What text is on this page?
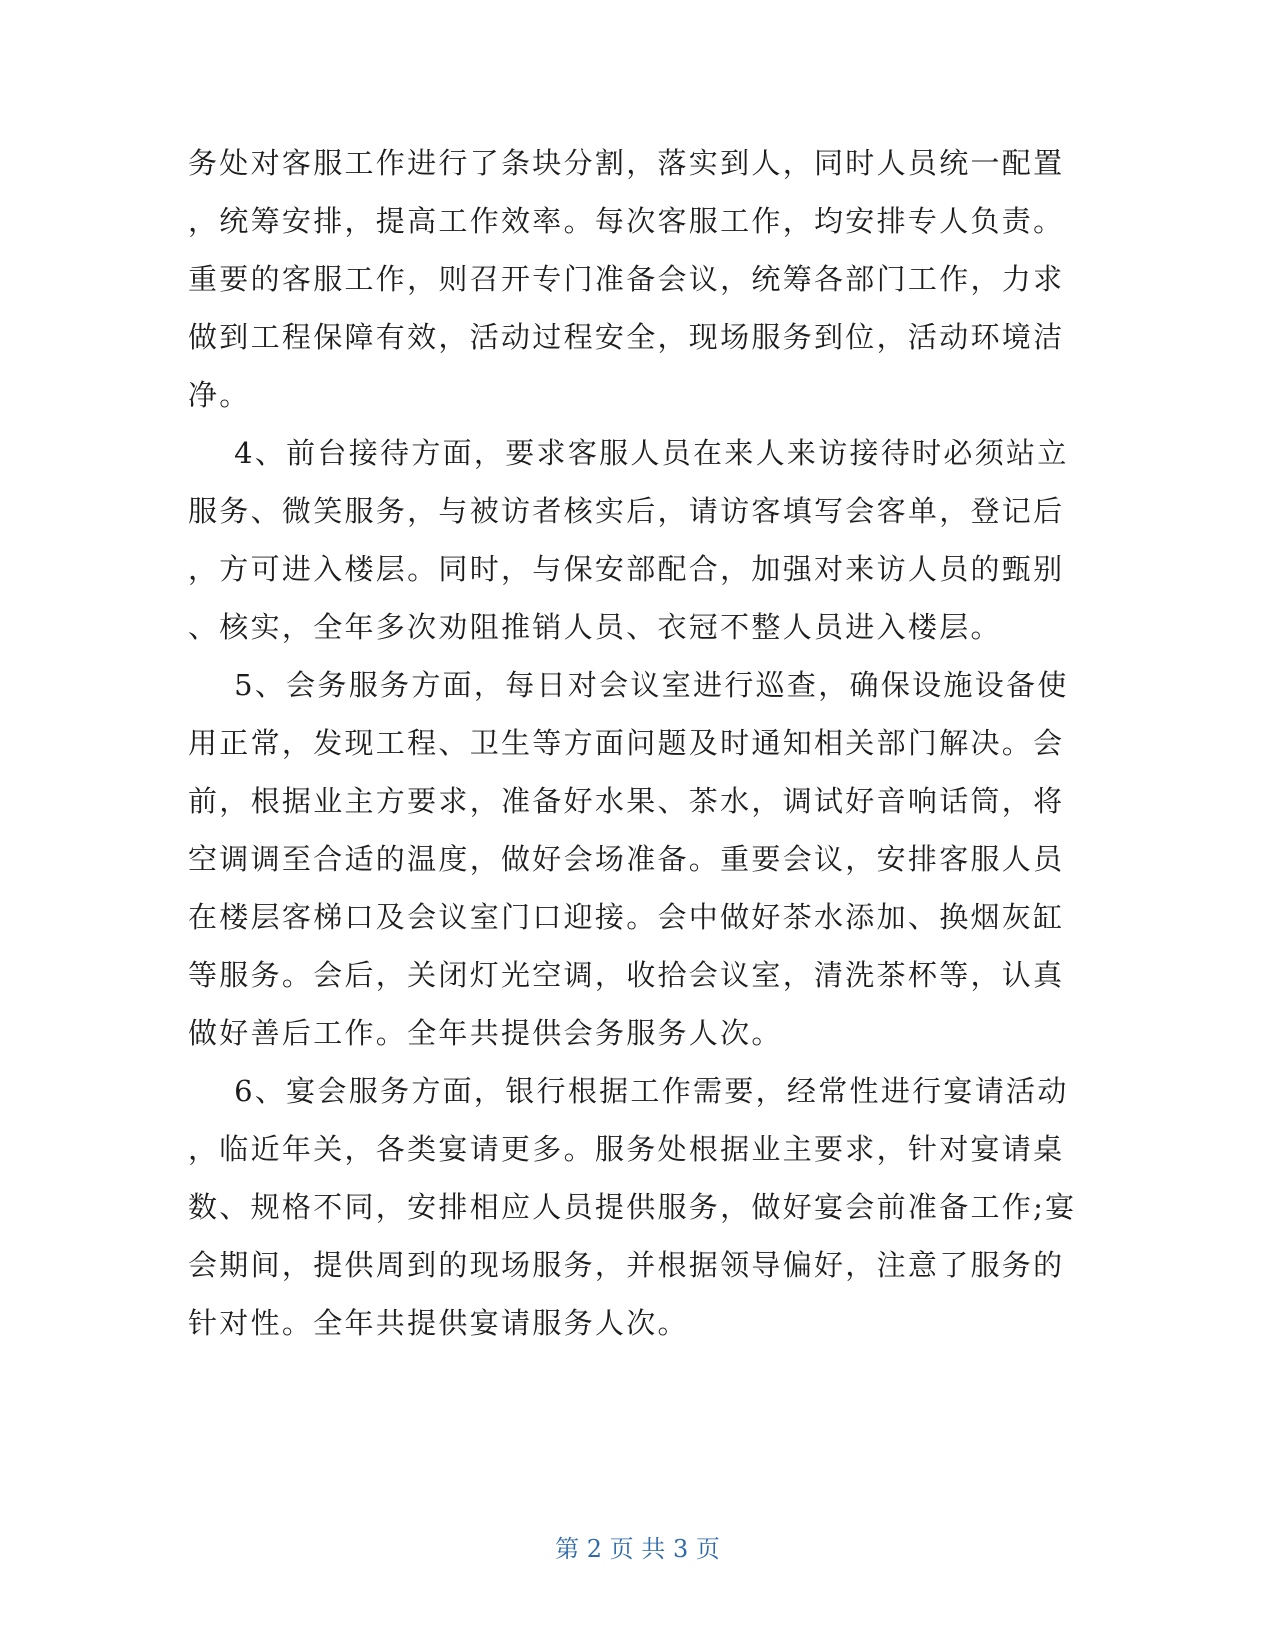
务处对客服工作进行了条块分割，落实到人，同时人员统一配置

，统筹安排，提高工作效率。每次客服工作，均安排专人负责。

重要的客服工作，则召开专门准备会议，统筹各部门工作，力求

做到工程保障有效，活动过程安全，现场服务到位，活动环境洁

净。

4、前台接待方面，要求客服人员在来人来访接待时必须站立

服务、微笑服务，与被访者核实后，请访客填写会客单，登记后

，方可进入楼层。同时，与保安部配合，加强对来访人员的甄别

、核实，全年多次劝阻推销人员、衣冠不整人员进入楼层。

5、会务服务方面，每日对会议室进行巡查，确保设施设备使

用正常，发现工程、卫生等方面问题及时通知相关部门解决。会

前，根据业主方要求，准备好水果、茶水，调试好音响话筒，将

空调调至合适的温度，做好会场准备。重要会议，安排客服人员

在楼层客梯口及会议室门口迎接。会中做好茶水添加、换烟灰缸

等服务。会后，关闭灯光空调，收拾会议室，清洗茶杯等，认真

做好善后工作。全年共提供会务服务人次。

6、宴会服务方面，银行根据工作需要，经常性进行宴请活动

，临近年关，各类宴请更多。服务处根据业主要求，针对宴请桌

数、规格不同，安排相应人员提供服务，做好宴会前准备工作;宴

会期间，提供周到的现场服务，并根据领导偏好，注意了服务的

针对性。全年共提供宴请服务人次。

第 2 页 共 3 页
